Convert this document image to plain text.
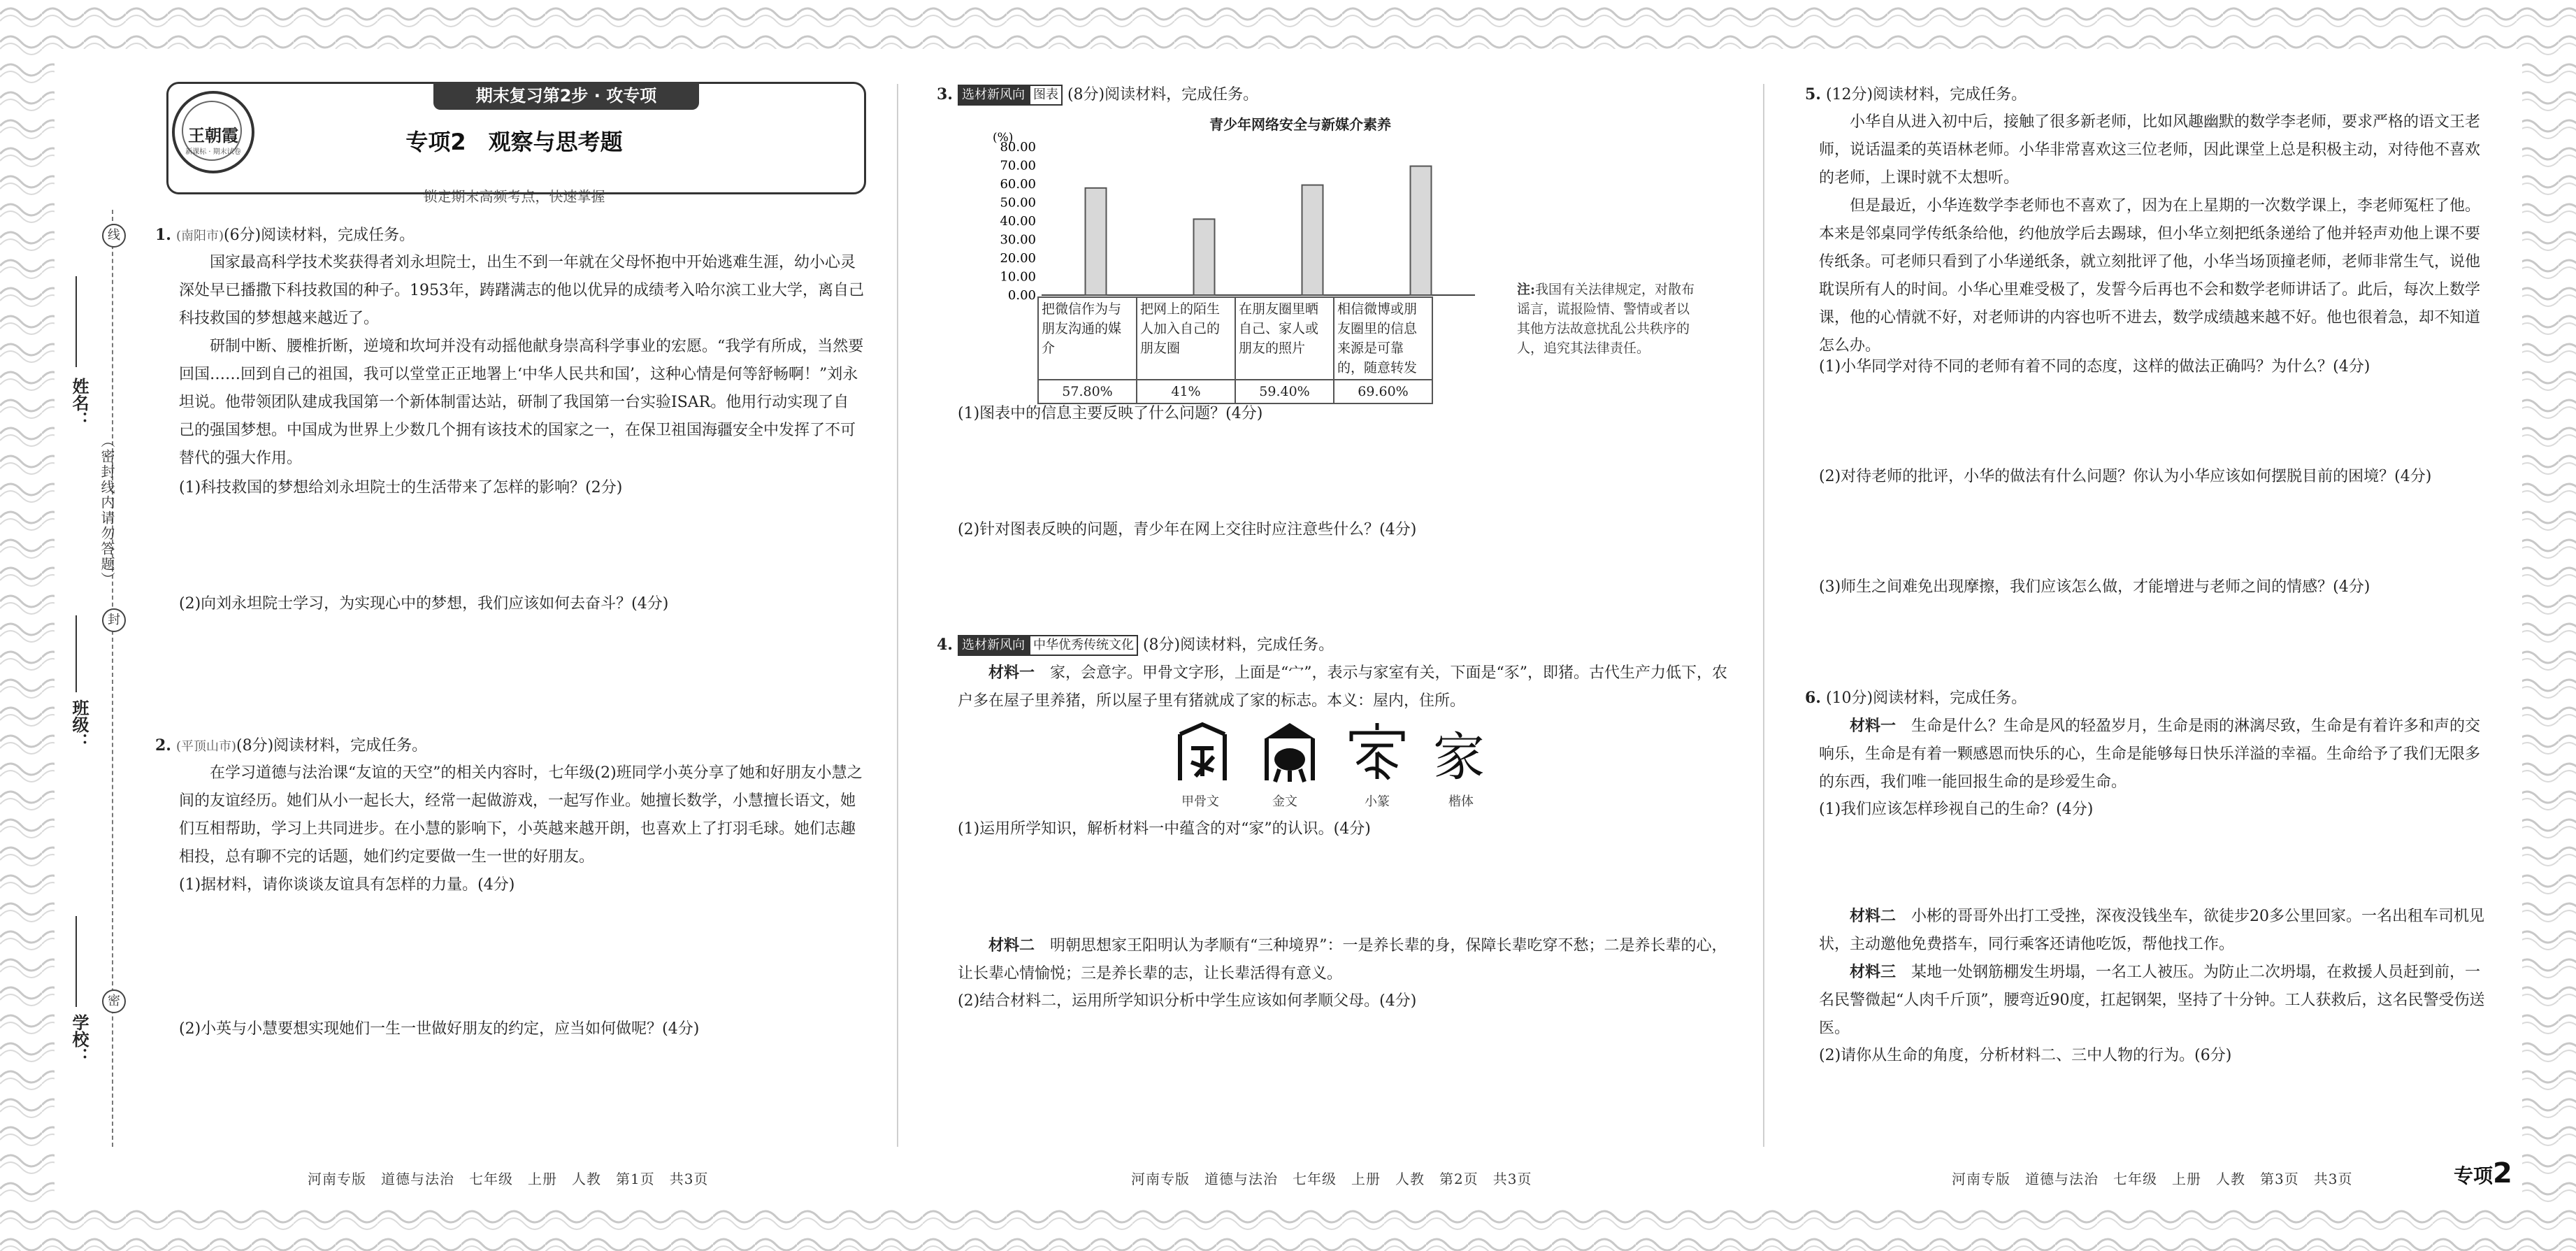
姓名：
班级：
学校：
线
封
密
（密封线内请勿答题）
期末复习第2步 · 攻专项
王朝霞
新课标 · 期末试卷	专项2　观察与思考题
锁定期末高频考点，快速掌握
1. (南阳市)(6分)阅读材料，完成任务。
国家最高科学技术奖获得者刘永坦院士，出生不到一年就在父母怀抱中开始逃难生涯，幼小心灵深处早已播撒下科技救国的种子。1953年，踌躇满志的他以优异的成绩考入哈尔滨工业大学，离自己科技救国的梦想越来越近了。
研制中断、腰椎折断，逆境和坎坷并没有动摇他献身崇高科学事业的宏愿。“我学有所成，当然要回国……回到自己的祖国，我可以堂堂正正地署上‘中华人民共和国’，这种心情是何等舒畅啊！”刘永坦说。他带领团队建成我国第一个新体制雷达站，研制了我国第一台实验ISAR。他用行动实现了自己的强国梦想。中国成为世界上少数几个拥有该技术的国家之一，在保卫祖国海疆安全中发挥了不可替代的强大作用。
(1)科技救国的梦想给刘永坦院士的生活带来了怎样的影响？(2分)
(2)向刘永坦院士学习，为实现心中的梦想，我们应该如何去奋斗？(4分)
2. (平顶山市)(8分)阅读材料，完成任务。
在学习道德与法治课“友谊的天空”的相关内容时，七年级(2)班同学小英分享了她和好朋友小慧之间的友谊经历。她们从小一起长大，经常一起做游戏，一起写作业。她擅长数学，小慧擅长语文，她们互相帮助，学习上共同进步。在小慧的影响下，小英越来越开朗，也喜欢上了打羽毛球。她们志趣相投，总有聊不完的话题，她们约定要做一生一世的好朋友。
(1)据材料，请你谈谈友谊具有怎样的力量。(4分)
(2)小英与小慧要想实现她们一生一世做好朋友的约定，应当如何做呢？(4分)
3. 选材新风向 图表 (8分)阅读材料，完成任务。
青少年网络安全与新媒介素养
(%)
80.00
70.00
60.00
50.00
40.00
30.00
20.00
10.00
0.00
把微信作为与朋友沟通的媒介	把网上的陌生人加入自己的朋友圈	在朋友圈里晒自己、家人或朋友的照片	相信微博或朋友圈里的信息来源是可靠的，随意转发
57.80%	41%	59.40%	69.60%
注:我国有关法律规定，对散布谣言，谎报险情、警情或者以其他方法故意扰乱公共秩序的人，追究其法律责任。
(1)图表中的信息主要反映了什么问题？(4分)
(2)针对图表反映的问题，青少年在网上交往时应注意些什么？(4分)
4. 选材新风向 中华优秀传统文化 (8分)阅读材料，完成任务。
材料一　 家，会意字。甲骨文字形，上面是“宀”，表示与家室有关，下面是“豕”，即猪。古代生产力低下，农户多在屋子里养猪，所以屋子里有猪就成了家的标志。本义：屋内，住所。
家
甲骨文	金文	小篆	楷体
(1)运用所学知识，解析材料一中蕴含的对“家”的认识。(4分)
材料二　 明朝思想家王阳明认为孝顺有“三种境界”：一是养长辈的身，保障长辈吃穿不愁；二是养长辈的心，让长辈心情愉悦；三是养长辈的志，让长辈活得有意义。
(2)结合材料二，运用所学知识分析中学生应该如何孝顺父母。(4分)
5. (12分)阅读材料，完成任务。
小华自从进入初中后，接触了很多新老师，比如风趣幽默的数学李老师，要求严格的语文王老师，说话温柔的英语林老师。小华非常喜欢这三位老师，因此课堂上总是积极主动，对待他不喜欢的老师，上课时就不太想听。
但是最近，小华连数学李老师也不喜欢了，因为在上星期的一次数学课上，李老师冤枉了他。本来是邻桌同学传纸条给他，约他放学后去踢球，但小华立刻把纸条递给了他并轻声劝他上课不要传纸条。可老师只看到了小华递纸条，就立刻批评了他，小华当场顶撞老师，老师非常生气，说他耽误所有人的时间。小华心里难受极了，发誓今后再也不会和数学老师讲话了。此后，每次上数学课，他的心情就不好，对老师讲的内容也听不进去，数学成绩越来越不好。他也很着急，却不知道怎么办。
(1)小华同学对待不同的老师有着不同的态度，这样的做法正确吗？为什么？(4分)
(2)对待老师的批评，小华的做法有什么问题？你认为小华应该如何摆脱目前的困境？(4分)
(3)师生之间难免出现摩擦，我们应该怎么做，才能增进与老师之间的情感？(4分)
6. (10分)阅读材料，完成任务。
材料一　 生命是什么？生命是风的轻盈岁月，生命是雨的淋漓尽致，生命是有着许多和声的交响乐，生命是有着一颗感恩而快乐的心，生命是能够每日快乐洋溢的幸福。生命给予了我们无限多的东西，我们唯一能回报生命的是珍爱生命。
(1)我们应该怎样珍视自己的生命？(4分)
材料二　 小彬的哥哥外出打工受挫，深夜没钱坐车，欲徒步20多公里回家。一名出租车司机见状，主动邀他免费搭车，同行乘客还请他吃饭，帮他找工作。
材料三　 某地一处钢筋棚发生坍塌，一名工人被压。为防止二次坍塌，在救援人员赶到前，一名民警微起“人肉千斤顶”，腰弯近90度，扛起钢架，坚持了十分钟。工人获救后，这名民警受伤送医。
(2)请你从生命的角度，分析材料二、三中人物的行为。(6分)
河南专版　道德与法治　七年级　上册　人教　第1页　共3页	河南专版　道德与法治　七年级　上册　人教　第2页　共3页	河南专版　道德与法治　七年级　上册　人教　第3页　共3页	专项2
